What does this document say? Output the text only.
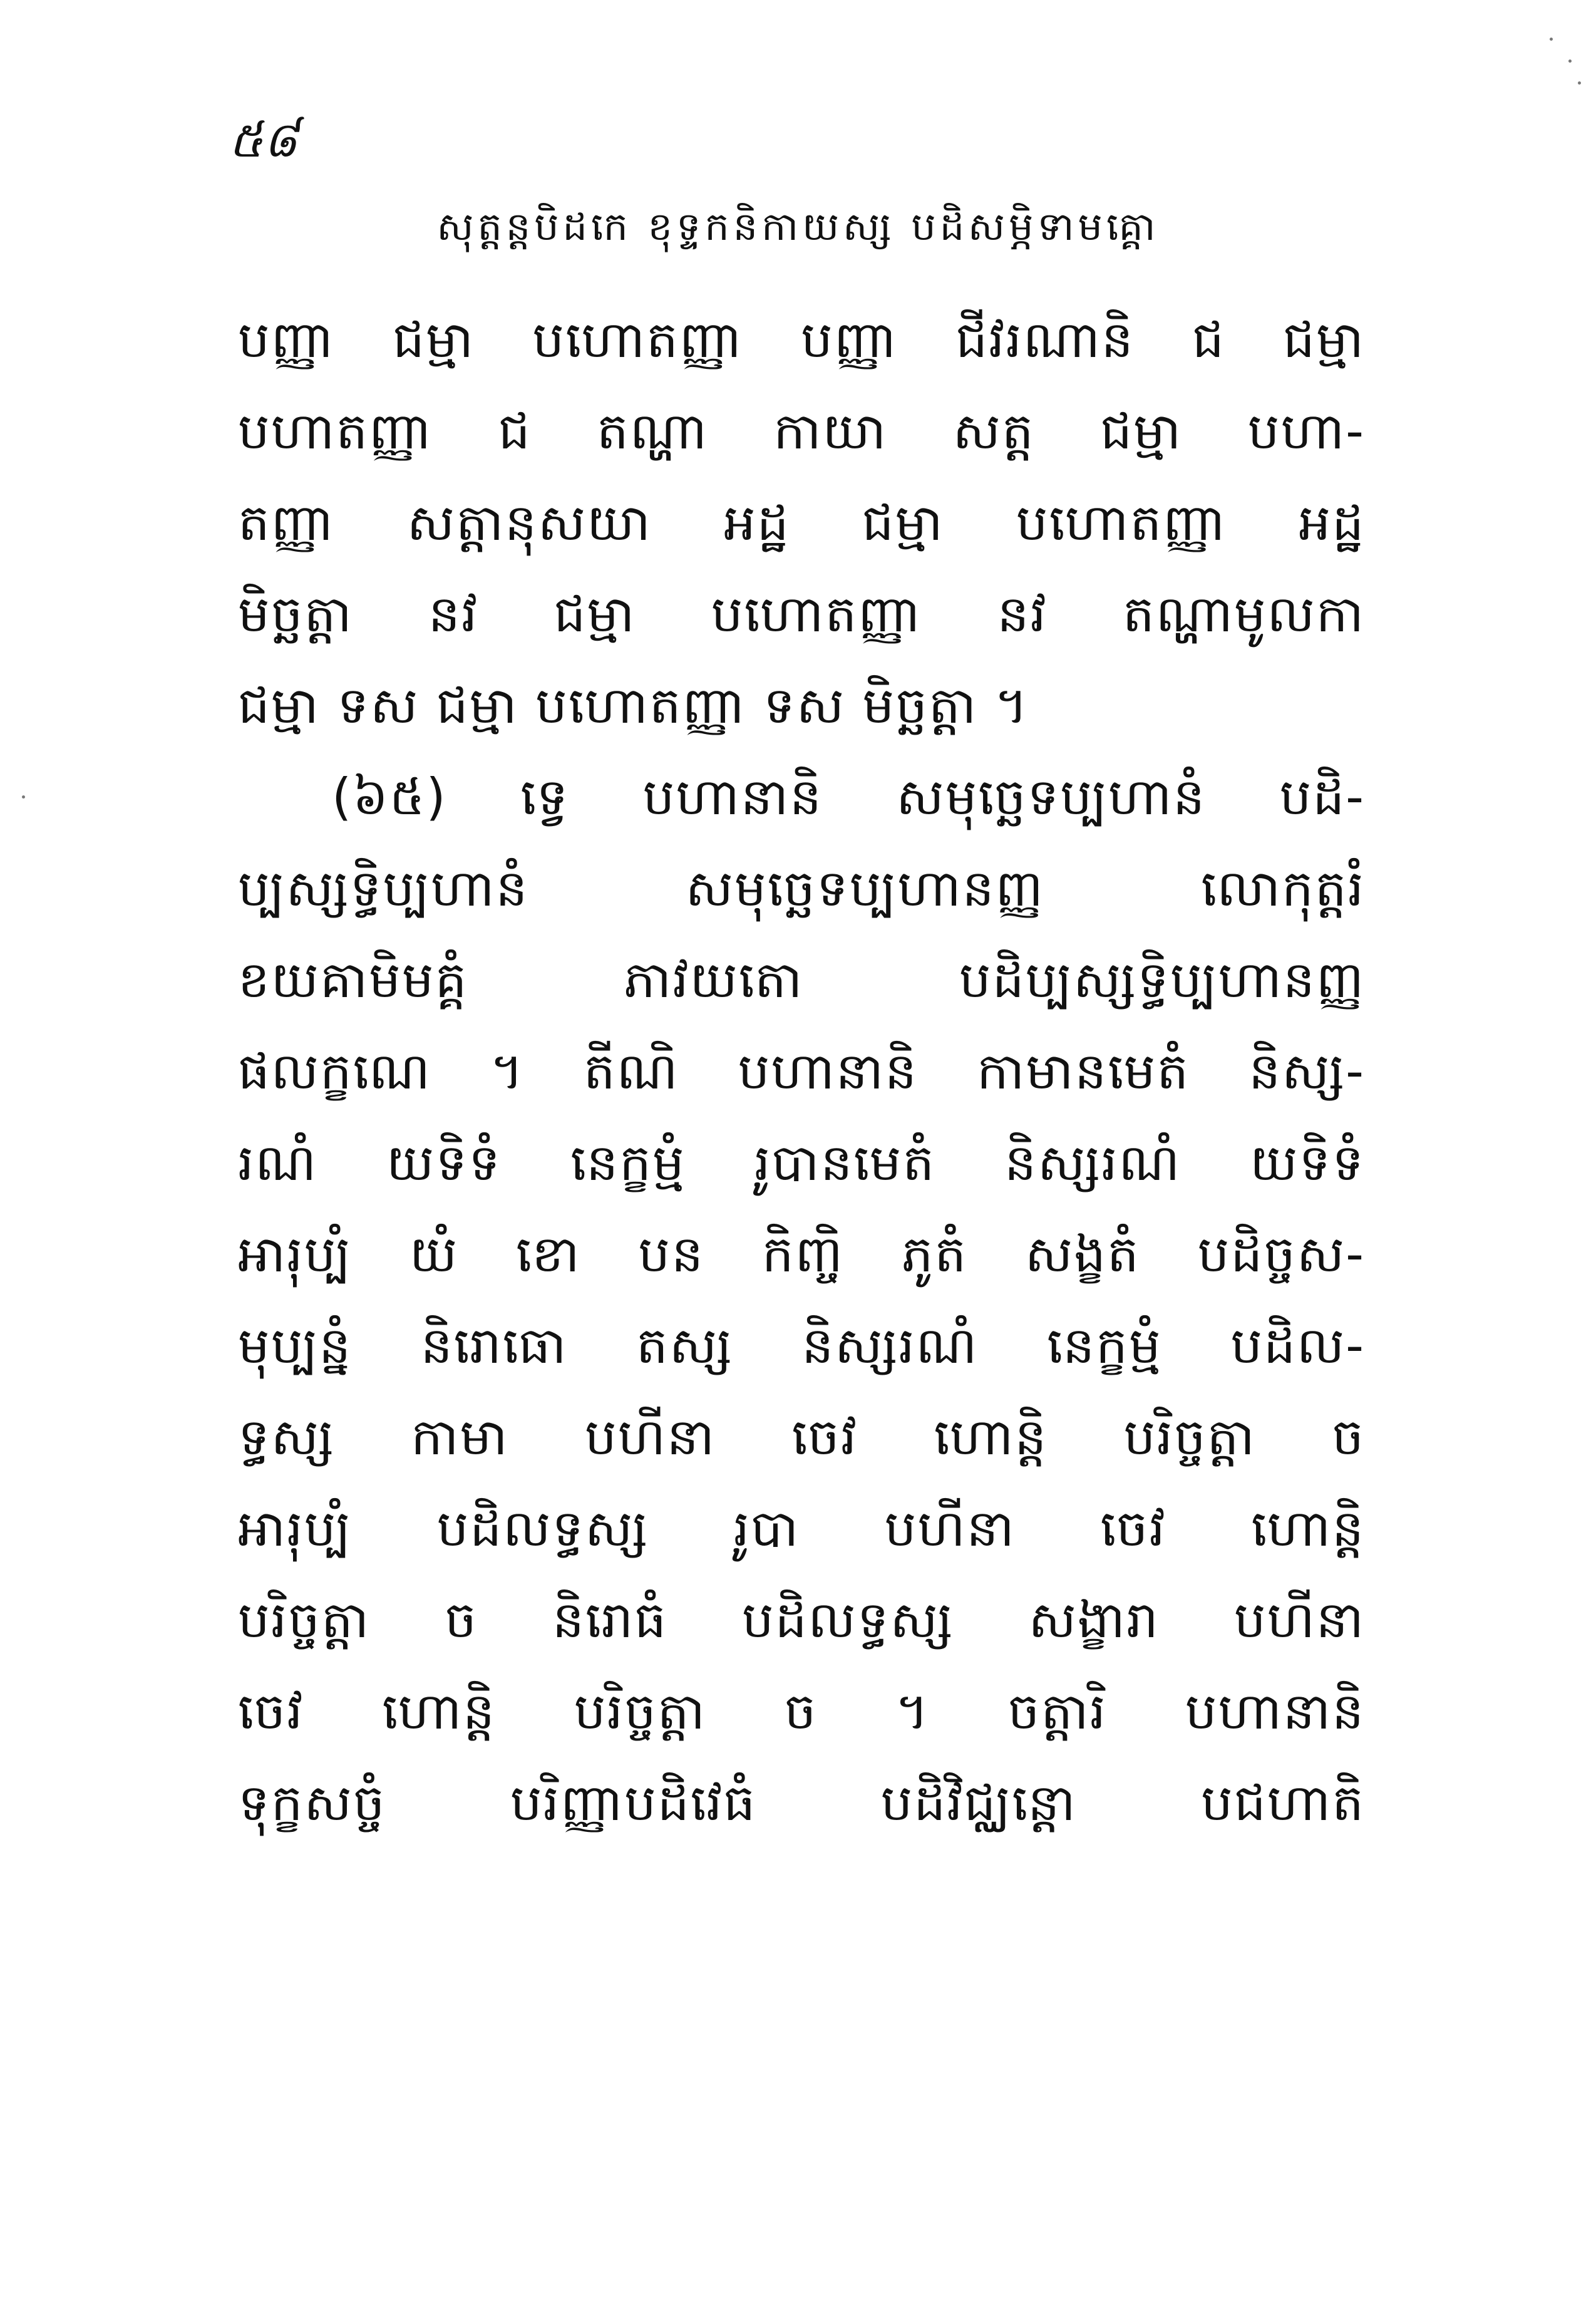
៥៨
សុត្តន្តបិដកេ ខុទ្ទកនិកាយស្ស បដិសម្ភិទាមគ្គោ
បញ្ញា ជម្មា បហោតញ្ញា បញ្ញា ជីវរណានិ ជ ជម្មា
បហាតញ្ញា ជ តណ្ហា កាយា សត្ត ជម្មា បហា-
តញ្ញា សត្តានុសយា អដ្ឋ ជម្មា បហោតញ្ញា អដ្ឋ
មិច្ឆត្តា នវ ជម្មា បហោតញ្ញា នវ តណ្ហាមូលកា
ជម្មា ទស ជម្មា បហោតញ្ញា ទស មិច្ឆត្តា ។
(៦៥) ទ្វេ បហានានិ សមុច្ឆេទប្បហានំ បដិ-
ប្បស្សទ្ធិប្បហានំ សមុច្ឆេទប្បហានញ្ញ លោកុត្តរំ
ខយគាមិមគ្គំ ភាវយតោ បដិប្បស្សទ្ធិប្បហានញ្ញ
ផលក្ខណេ ។ តីណិ បហានានិ កាមានមេតំ និស្ស-
រណំ យទិទំ នេក្ខម្មំ រូបានមេតំ និស្សរណំ យទិទំ
អារុប្បំ យំ ខោ បន កិញ្ចិ ភូតំ សង្ខតំ បដិច្ចស-
មុប្បន្នំ និរោធោ តស្ស និស្សរណំ នេក្ខម្មំ បដិល-
ទ្ធស្ស កាមា បហីនា ចេវ ហោន្តិ បរិច្ចត្តា ច
អារុប្បំ បដិលទ្ធស្ស រូបា បហីនា ចេវ ហោន្តិ
បរិច្ចត្តា ច និរោធំ បដិលទ្ធស្ស សង្ខារា បហីនា
ចេវ ហោន្តិ បរិច្ចត្តា ច ។ ចត្តារិ បហានានិ
ទុក្ខសច្ចំ បរិញ្ញាបដិវេធំ បដិវិជ្ឈន្តោ បជហាតិ
